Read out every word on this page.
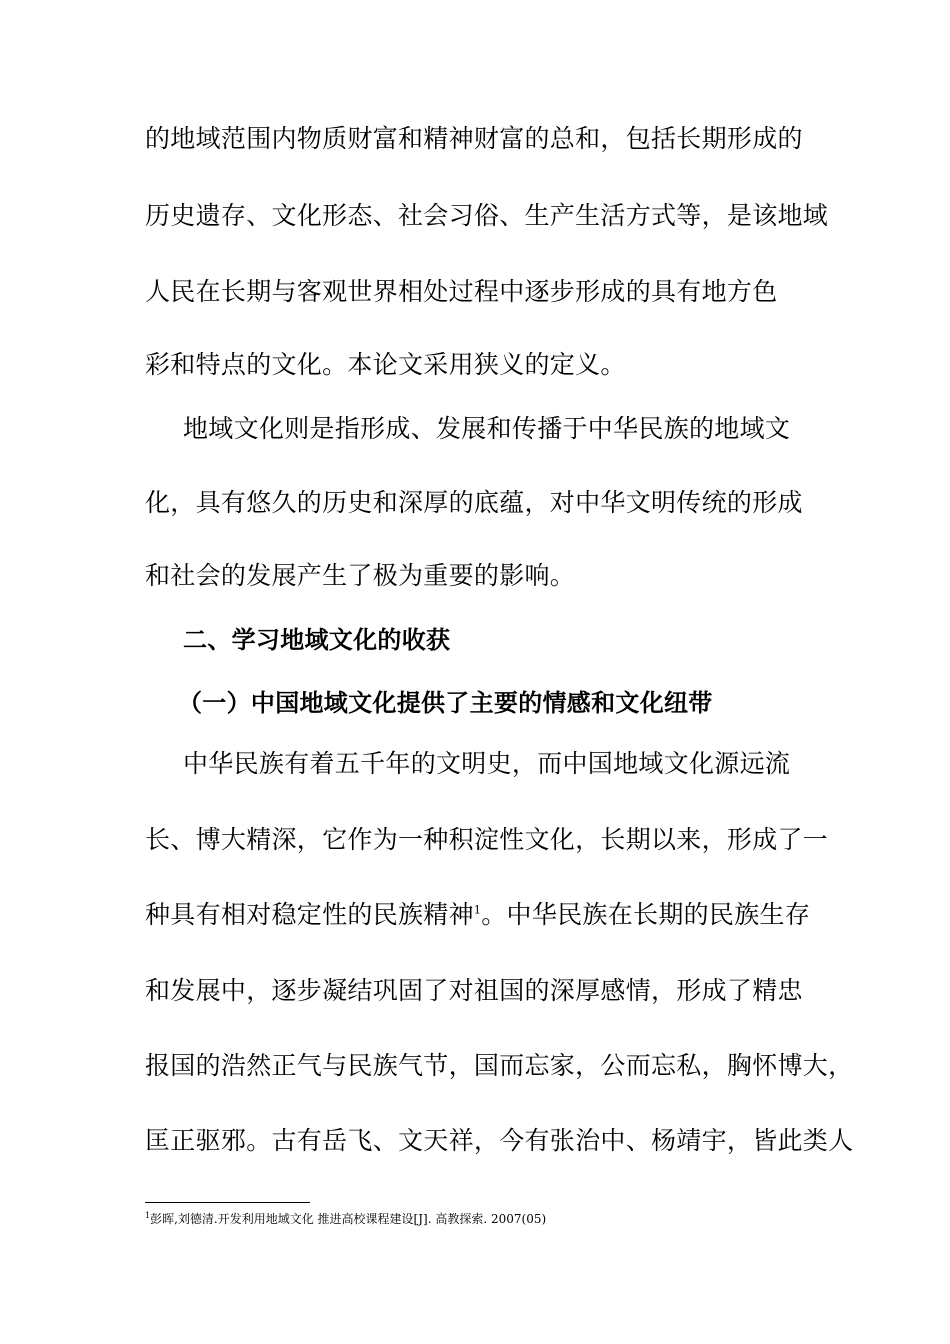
的地域范围内物质财富和精神财富的总和，包括长期形成的
历史遗存、文化形态、社会习俗、生产生活方式等，是该地域
人民在长期与客观世界相处过程中逐步形成的具有地方色
彩和特点的文化。本论文采用狭义的定义。
地域文化则是指形成、发展和传播于中华民族的地域文
化，具有悠久的历史和深厚的底蕴，对中华文明传统的形成
和社会的发展产生了极为重要的影响。
二、学习地域文化的收获
（一）中国地域文化提供了主要的情感和文化纽带
中华民族有着五千年的文明史，而中国地域文化源远流
长、博大精深，它作为一种积淀性文化，长期以来，形成了一
种具有相对稳定性的民族精神$^1$。中华民族在长期的民族生存
和发展中，逐步凝结巩固了对祖国的深厚感情，形成了精忠
报国的浩然正气与民族气节，国而忘家，公而忘私，胸怀博大，
匡正驱邪。古有岳飞、文天祥，今有张治中、杨靖宇，皆此类人
$^1$彭晖,刘德清.开发利用地域文化 推进高校课程建设[J]. 高教探索. 2007(05)
